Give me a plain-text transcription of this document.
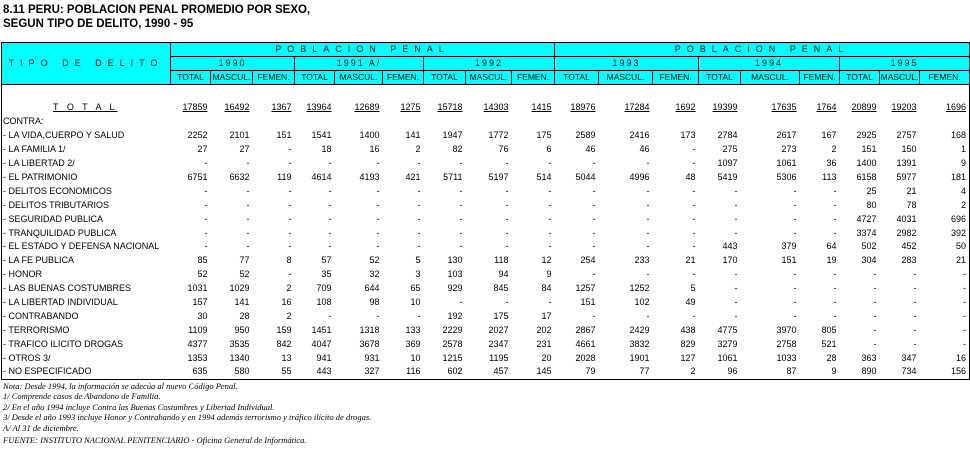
8.11 PERU: POBLACION PENAL PROMEDIO POR SEXO,
SEGUN TIPO DE DELITO, 1990 - 95
TIPO DE DELITO	POBLACION PENAL									POBLACION PENAL								
	1990			1991 A/			1992			1993			1994			1995		
	TOTAL	MASCUL.	FEMEN.	TOTAL	MASCUL.	FEMEN.	TOTAL	MASCUL.	FEMEN.	TOTAL	MASCUL.	FEMEN.	TOTAL	MASCUL.	FEMEN.	TOTAL	MASCUL.	FEMEN.

T O T A L	17859	16492	1367	13964	12689	1275	15718	14303	1415	18976	17284	1692	19399	17635	1764	20899	19203	1696
CONTRA:																		
- LA VIDA,CUERPO Y SALUD	2252	2101	151	1541	1400	141	1947	1772	175	2589	2416	173	2784	2617	167	2925	2757	168
- LA FAMILIA 1/	27	27	-	18	16	2	82	76	6	46	46	-	275	273	2	151	150	1
- LA LIBERTAD 2/	-	-	-	-	-	-	-	-	-	-	-	-	1097	1061	36	1400	1391	9
- EL PATRIMONIO	6751	6632	119	4614	4193	421	5711	5197	514	5044	4996	48	5419	5306	113	6158	5977	181
- DELITOS ECONOMICOS	-	-	-	-	-	-	-	-	-	-	-	-	-	-	-	25	21	4
- DELITOS TRIBUTARIOS	-	-	-	-	-	-	-	-	-	-	-	-	-	-	-	80	78	2
- SEGURIDAD PUBLICA	-	-	-	-	-	-	-	-	-	-	-	-	-	-	-	4727	4031	696
- TRANQUILIDAD PUBLICA	-	-	-	-	-	-	-	-	-	-	-	-	-	-	-	3374	2982	392
- EL ESTADO Y DEFENSA NACIONAL	-	-	-	-	-	-	-	-	-	-	-	-	443	379	64	502	452	50
- LA FE PUBLICA	85	77	8	57	52	5	130	118	12	254	233	21	170	151	19	304	283	21
- HONOR	52	52	-	35	32	3	103	94	9	-	-	-	-	-	-	-	-	-
- LAS BUENAS COSTUMBRES	1031	1029	2	709	644	65	929	845	84	1257	1252	5	-	-	-	-	-	-
- LA LIBERTAD INDIVIDUAL	157	141	16	108	98	10	-	-	-	151	102	49	-	-	-	-	-	-
- CONTRABANDO	30	28	2	-	-	-	192	175	17	-	-	-	-	-	-	-	-	-
- TERRORISMO	1109	950	159	1451	1318	133	2229	2027	202	2867	2429	438	4775	3970	805	-	-	-
- TRAFICO ILICITO DROGAS	4377	3535	842	4047	3678	369	2578	2347	231	4661	3832	829	3279	2758	521	-	-	-
- OTROS 3/	1353	1340	13	941	931	10	1215	1195	20	2028	1901	127	1061	1033	28	363	347	16
- NO ESPECIFICADO	635	580	55	443	327	116	602	457	145	79	77	2	96	87	9	890	734	156
Nota: Desde 1994, la información se adecúa al nuevo Código Penal.
1/ Comprende casos de Abandono de Familia.
2/ En el año 1994 incluye Contra las Buenas Costumbres y Libertad Individual.
3/ Desde el año 1993 incluye Honor y Contrabando y en 1994 además terrorismo y tráfico ilícito de drogas.
A/ Al 31 de diciembre.
FUENTE: INSTITUTO NACIONAL PENITENCIARIO - Oficina General de Informática.
